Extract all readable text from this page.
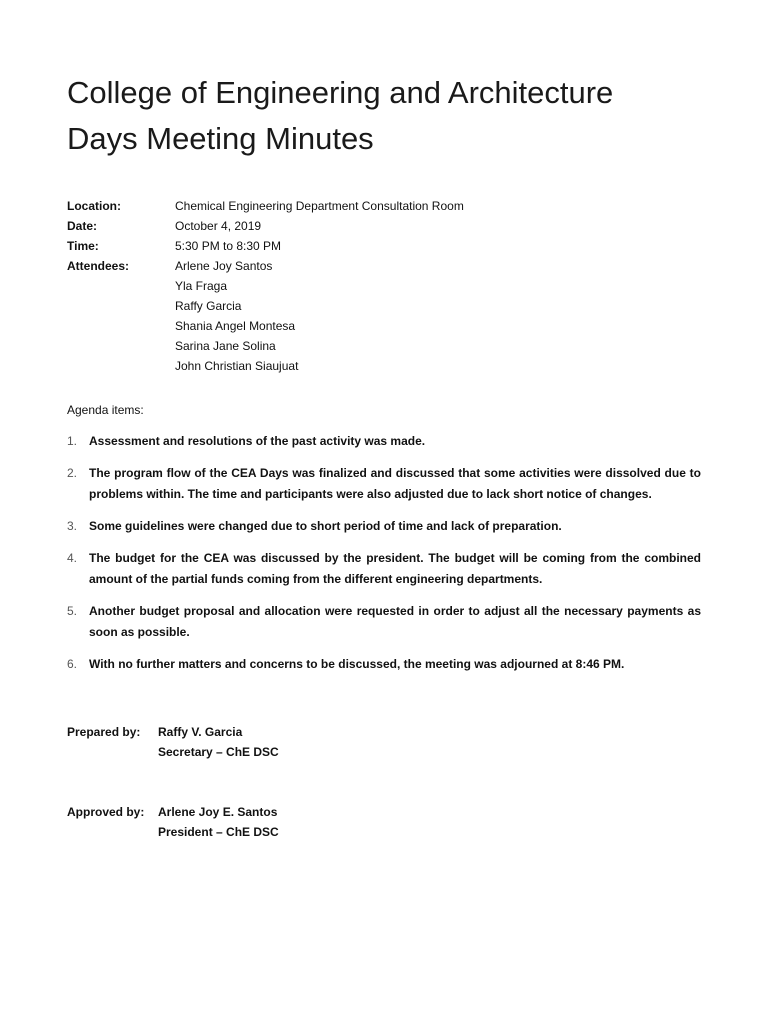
College of Engineering and Architecture
Days Meeting Minutes
Location:	Chemical Engineering Department Consultation Room
Date:	October 4, 2019
Time:	5:30 PM to 8:30 PM
Attendees:	Arlene Joy Santos
Yla Fraga
Raffy Garcia
Shania Angel Montesa
Sarina Jane Solina
John Christian Siaujuat
Agenda items:
1. Assessment and resolutions of the past activity was made.
2. The program flow of the CEA Days was finalized and discussed that some activities were dissolved due to problems within. The time and participants were also adjusted due to lack short notice of changes.
3. Some guidelines were changed due to short period of time and lack of preparation.
4. The budget for the CEA was discussed by the president. The budget will be coming from the combined amount of the partial funds coming from the different engineering departments.
5. Another budget proposal and allocation were requested in order to adjust all the necessary payments as soon as possible.
6. With no further matters and concerns to be discussed, the meeting was adjourned at 8:46 PM.
Prepared by:	Raffy V. Garcia
Secretary – ChE DSC
Approved by:	Arlene Joy E. Santos
President – ChE DSC
